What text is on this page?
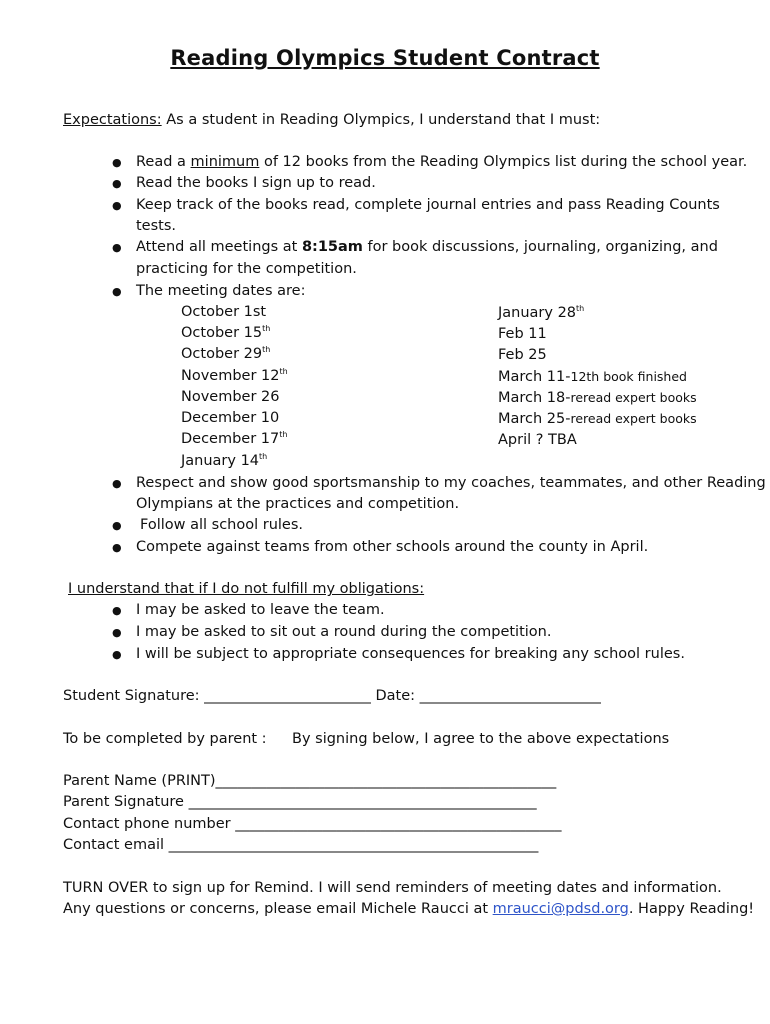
Reading Olympics Student Contract
Expectations: As a student in Reading Olympics, I understand that I must:
● Read a minimum of 12 books from the Reading Olympics list during the school year.
● Read the books I sign up to read.
● Keep track of the books read, complete journal entries and pass Reading Counts
tests.
● Attend all meetings at 8:15am for book discussions, journaling, organizing, and
practicing for the competition.
● The meeting dates are:
October 1st
October 15th
October 29th
November 12th
November 26
December 10
December 17th
January 14th
January 28th
Feb 11
Feb 25
March 11-12th book finished
March 18-reread expert books
March 25-reread expert books
April ? TBA
● Respect and show good sportsmanship to my coaches, teammates, and other Reading
Olympians at the practices and competition.
● Follow all school rules.
● Compete against teams from other schools around the county in April.
I understand that if I do not fulfill my obligations:
● I may be asked to leave the team.
● I may be asked to sit out a round during the competition.
● I will be subject to appropriate consequences for breaking any school rules.
Student Signature: _______________________ Date: _________________________
To be completed by parent : By signing below, I agree to the above expectations
Parent Name (PRINT)_______________________________________________
Parent Signature ________________________________________________
Contact phone number _____________________________________________
Contact email ___________________________________________________
TURN OVER to sign up for Remind. I will send reminders of meeting dates and information.
Any questions or concerns, please email Michele Raucci at mraucci@pdsd.org. Happy Reading!
